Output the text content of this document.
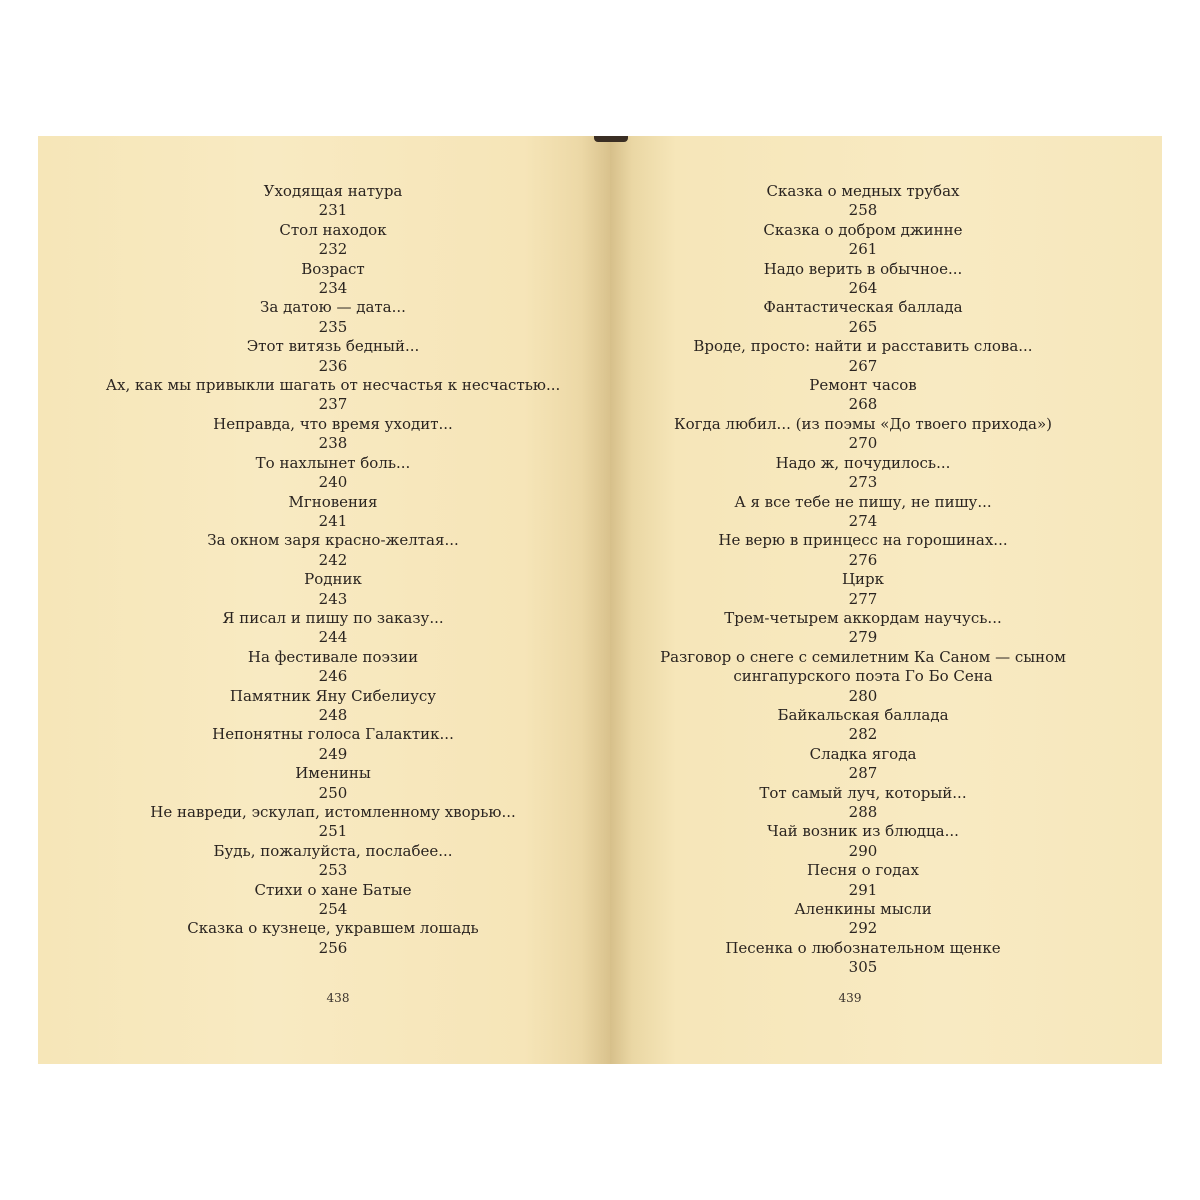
Уходящая натура
231
Стол находок
232
Возраст
234
За датою — дата...
235
Этот витязь бедный...
236
Ах, как мы привыкли шагать от несчастья к несчастью...
237
Неправда, что время уходит...
238
То нахлынет боль...
240
Мгновения
241
За окном заря красно-желтая...
242
Родник
243
Я писал и пишу по заказу...
244
На фестивале поэзии
246
Памятник Яну Сибелиусу
248
Непонятны голоса Галактик...
249
Именины
250
Не навреди, эскулап, истомленному хворью...
251
Будь, пожалуйста, послабее...
253
Стихи о хане Батые
254
Сказка о кузнеце, укравшем лошадь
256
438
Сказка о медных трубах
258
Сказка о добром джинне
261
Надо верить в обычное...
264
Фантастическая баллада
265
Вроде, просто: найти и расставить слова...
267
Ремонт часов
268
Когда любил... (из поэмы «До твоего прихода»)
270
Надо ж, почудилось...
273
А я все тебе не пишу, не пишу...
274
Не верю в принцесс на горошинах...
276
Цирк
277
Трем-четырем аккордам научусь...
279
Разговор о снеге с семилетним Ка Саном — сыном
сингапурского поэта Го Бо Сена
280
Байкальская баллада
282
Сладка ягода
287
Тот самый луч, который...
288
Чай возник из блюдца...
290
Песня о годах
291
Аленкины мысли
292
Песенка о любознательном щенке
305
439
